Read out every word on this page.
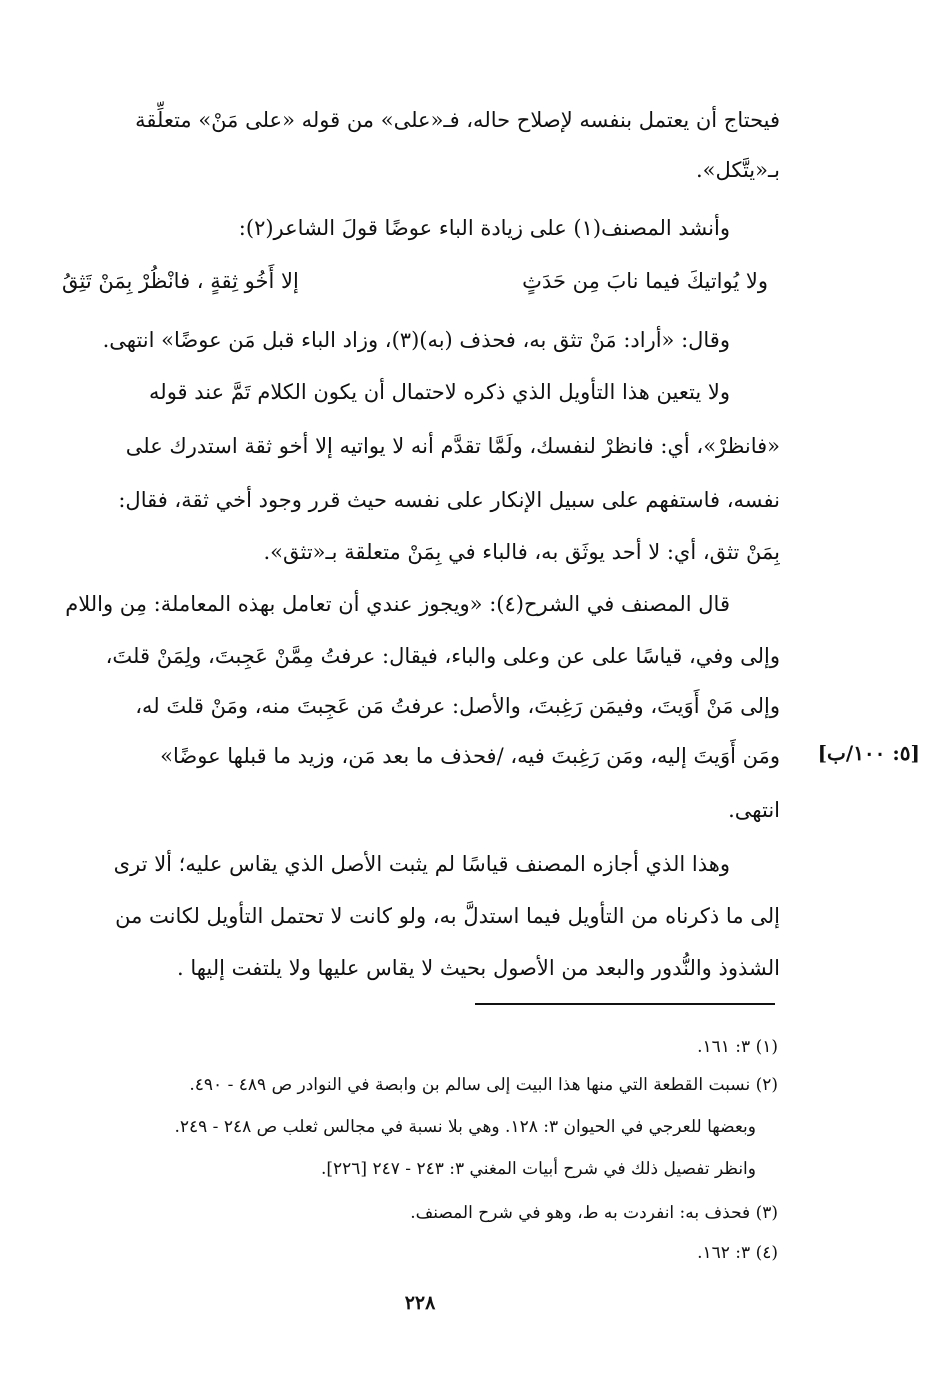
فيحتاج أن يعتمل بنفسه لإصلاح حاله، فـ«على» من قوله «على مَنْ» متعلِّقة
بـ«يتَّكل».
وأنشد المصنف(١) على زيادة الباء عوضًا قولَ الشاعر(٢):
وقال: «أراد: مَنْ تثق به، فحذف (به)(٣)، وزاد الباء قبل مَن عوضًا» انتهى.
ولا يتعين هذا التأويل الذي ذكره لاحتمال أن يكون الكلام تَمَّ عند قوله
«فانظرْ»، أي: فانظرْ لنفسك، ولَمَّا تقدَّم أنه لا يواتيه إلا أخو ثقة استدرك على
نفسه، فاستفهم على سبيل الإنكار على نفسه حيث قرر وجود أخي ثقة، فقال:
بِمَنْ تثق، أي: لا أحد يوثَق به، فالباء في بِمَنْ متعلقة بـ«تثق».
قال المصنف في الشرح(٤): «ويجوز عندي أن تعامل بهذه المعاملة: مِن واللام
وإلى وفي، قياسًا على عن وعلى والباء، فيقال: عرفتُ مِمَّنْ عَجِبتَ، ولِمَنْ قلتَ،
وإلى مَنْ أَوَيتَ، وفيمَن رَغِبتَ، والأصل: عرفتُ مَن عَجِبتَ منه، ومَنْ قلتَ له،
ومَن أَوَيتَ إليه، ومَن رَغِبتَ فيه، /فحذف ما بعد مَن، وزيد ما قبلها عوضًا»
انتهى.
وهذا الذي أجازه المصنف قياسًا لم يثبت الأصل الذي يقاس عليه؛ ألا ترى
إلى ما ذكرناه من التأويل فيما استدلَّ به، ولو كانت لا تحتمل التأويل لكانت من
الشذوذ والنُّدور والبعد من الأصول بحيث لا يقاس عليها ولا يلتفت إليها .
ولا يُواتيكَ فيما نابَ مِن حَدَثٍ
إلا أَخُو ثِقةٍ ، فانْظُرْ بِمَنْ تَثِقُ
[٥: ١٠٠/ب]
(١) ٣: ١٦١.
(٢) نسبت القطعة التي منها هذا البيت إلى سالم بن وابصة في النوادر ص ٤٨٩ - ٤٩٠.
وبعضها للعرجي في الحيوان ٣: ١٢٨. وهي بلا نسبة في مجالس ثعلب ص ٢٤٨ - ٢٤٩.
وانظر تفصيل ذلك في شرح أبيات المغني ٣: ٢٤٣ - ٢٤٧ [٢٢٦].
(٣) فحذف به: انفردت به ط، وهو في شرح المصنف.
(٤) ٣: ١٦٢.
٢٢٨
